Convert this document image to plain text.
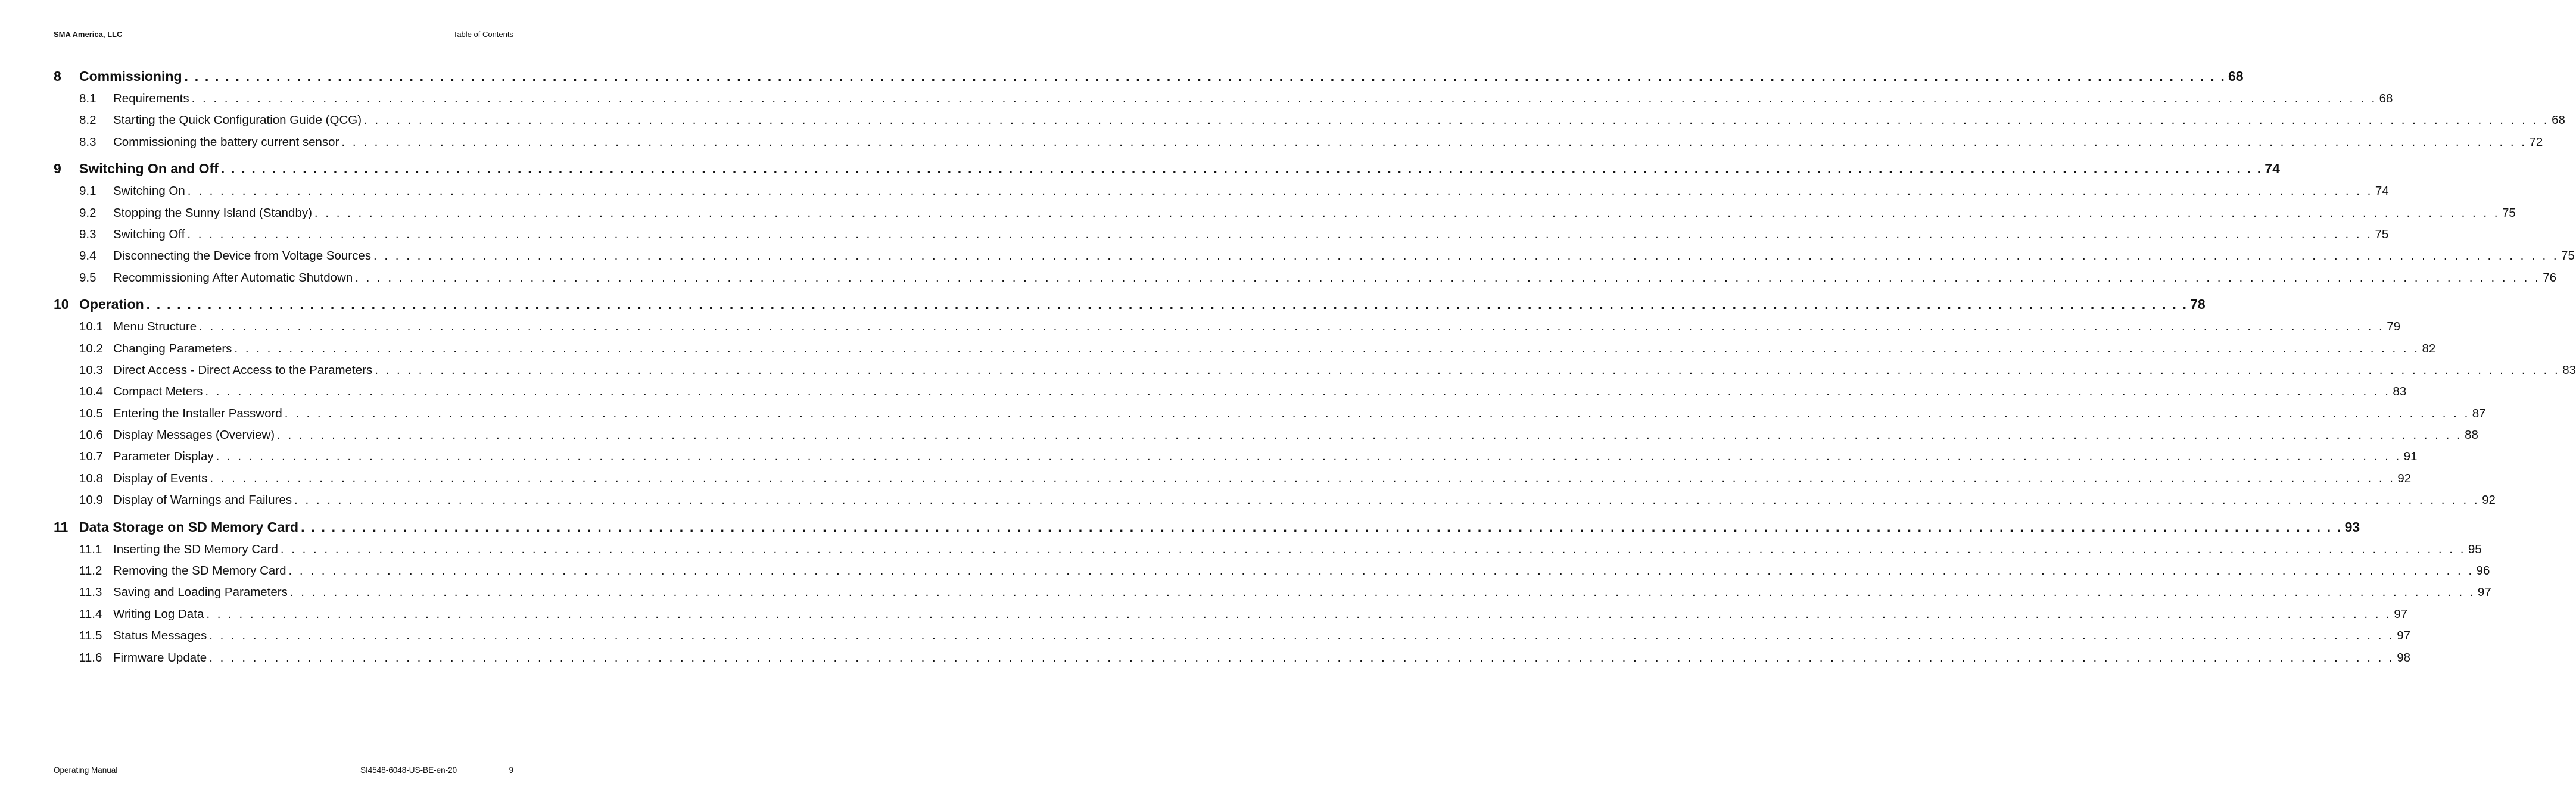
SMA America, LLC	Table of Contents
8	Commissioning . . . . . . . . . . . . . . . . . . . . . . . . . . . . . . . . . . . . . . . . . . . . . . . . . . . . . . . . . . . . . . . . . . . . . . . . . . . . . . . . . . . . . . . . . . . . . . . . . . . . . . . . . . . . . . . . . . . . . . . . . . . . . . . . . . . . . . . . . . . . . . . . . . . . . . . . . . . . . . . . . . . . . . . . . . . . . . . . . . . . . . . . . . . . . . . . . . . . . . . . 68
8.1	Requirements . . . . . . . . . . . . . . . . . . . . . . . . . . . . . . . . . . . . . . . . . . . . . . . . . . . . . . . . . . . . . . . . . . . . . . . . . . . . . . . . . . . . . . . . . . . . . . . . . . . . . . . . . . . . . . . . . . . . . . . . . . . . . . . . . . . . . . . . . . . . . . . . . . . . . . . . . . . . . . . . . . . . . . . . . . . . . . . . . . . . . . . . . . . . . . . . . . . . . . . . 68
8.2	Starting the Quick Configuration Guide (QCG) . . . . . . . . . . . . . . . . . . . . . . . . . . . . . . . . . . . . . . . . . . . . . . . . . . . . . . . . . . . . . . . . . . . . . . . . . . . . . . . . . . . . . . . . . . . . . . . . . . . . . . . . . . . . . . . . . . . . . . . . . . . . . . . . . . . . . . . . . . . . . . . . . . . . . . . . . . . . . . . . . . . . . . . . . . . . . . . . . . . . . . . . . . . . . . . . . . . . . . . . 68
8.3	Commissioning the battery current sensor . . . . . . . . . . . . . . . . . . . . . . . . . . . . . . . . . . . . . . . . . . . . . . . . . . . . . . . . . . . . . . . . . . . . . . . . . . . . . . . . . . . . . . . . . . . . . . . . . . . . . . . . . . . . . . . . . . . . . . . . . . . . . . . . . . . . . . . . . . . . . . . . . . . . . . . . . . . . . . . . . . . . . . . . . . . . . . . . . . . . . . . . . . . . . . . . . . . . . . . . 72
9	Switching On and Off . . . . . . . . . . . . . . . . . . . . . . . . . . . . . . . . . . . . . . . . . . . . . . . . . . . . . . . . . . . . . . . . . . . . . . . . . . . . . . . . . . . . . . . . . . . . . . . . . . . . . . . . . . . . . . . . . . . . . . . . . . . . . . . . . . . . . . . . . . . . . . . . . . . . . . . . . . . . . . . . . . . . . . . . . . . . . . . . . . . . . . . . . . . . . . . . . . . . . . . . 74
9.1	Switching On . . . . . . . . . . . . . . . . . . . . . . . . . . . . . . . . . . . . . . . . . . . . . . . . . . . . . . . . . . . . . . . . . . . . . . . . . . . . . . . . . . . . . . . . . . . . . . . . . . . . . . . . . . . . . . . . . . . . . . . . . . . . . . . . . . . . . . . . . . . . . . . . . . . . . . . . . . . . . . . . . . . . . . . . . . . . . . . . . . . . . . . . . . . . . . . . . . . . . . . . 74
9.2	Stopping the Sunny Island (Standby) . . . . . . . . . . . . . . . . . . . . . . . . . . . . . . . . . . . . . . . . . . . . . . . . . . . . . . . . . . . . . . . . . . . . . . . . . . . . . . . . . . . . . . . . . . . . . . . . . . . . . . . . . . . . . . . . . . . . . . . . . . . . . . . . . . . . . . . . . . . . . . . . . . . . . . . . . . . . . . . . . . . . . . . . . . . . . . . . . . . . . . . . . . . . . . . . . . . . . . . . 75
9.3	Switching Off . . . . . . . . . . . . . . . . . . . . . . . . . . . . . . . . . . . . . . . . . . . . . . . . . . . . . . . . . . . . . . . . . . . . . . . . . . . . . . . . . . . . . . . . . . . . . . . . . . . . . . . . . . . . . . . . . . . . . . . . . . . . . . . . . . . . . . . . . . . . . . . . . . . . . . . . . . . . . . . . . . . . . . . . . . . . . . . . . . . . . . . . . . . . . . . . . . . . . . . . 75
9.4	Disconnecting the Device from Voltage Sources . . . . . . . . . . . . . . . . . . . . . . . . . . . . . . . . . . . . . . . . . . . . . . . . . . . . . . . . . . . . . . . . . . . . . . . . . . . . . . . . . . . . . . . . . . . . . . . . . . . . . . . . . . . . . . . . . . . . . . . . . . . . . . . . . . . . . . . . . . . . . . . . . . . . . . . . . . . . . . . . . . . . . . . . . . . . . . . . . . . . . . . . . . . . . . . . . . . . . . . . 75
9.5	Recommissioning After Automatic Shutdown . . . . . . . . . . . . . . . . . . . . . . . . . . . . . . . . . . . . . . . . . . . . . . . . . . . . . . . . . . . . . . . . . . . . . . . . . . . . . . . . . . . . . . . . . . . . . . . . . . . . . . . . . . . . . . . . . . . . . . . . . . . . . . . . . . . . . . . . . . . . . . . . . . . . . . . . . . . . . . . . . . . . . . . . . . . . . . . . . . . . . . . . . . . . . . . . . . . . . . . . 76
10 Operation . . . . . . . . . . . . . . . . . . . . . . . . . . . . . . . . . . . . . . . . . . . . . . . . . . . . . . . . . . . . . . . . . . . . . . . . . . . . . . . . . . . . . . . . . . . . . . . . . . . . . . . . . . . . . . . . . . . . . . . . . . . . . . . . . . . . . . . . . . . . . . . . . . . . . . . . . . . . . . . . . . . . . . . . . . . . . . . . . . . . . . . . . . . . . . . . . . . . . . . . 78
10.1 Menu Structure . . . . . . . . . . . . . . . . . . . . . . . . . . . . . . . . . . . . . . . . . . . . . . . . . . . . . . . . . . . . . . . . . . . . . . . . . . . . . . . . . . . . . . . . . . . . . . . . . . . . . . . . . . . . . . . . . . . . . . . . . . . . . . . . . . . . . . . . . . . . . . . . . . . . . . . . . . . . . . . . . . . . . . . . . . . . . . . . . . . . . . . . . . . . . . . . . . . . . . . . 79
10.2 Changing Parameters . . . . . . . . . . . . . . . . . . . . . . . . . . . . . . . . . . . . . . . . . . . . . . . . . . . . . . . . . . . . . . . . . . . . . . . . . . . . . . . . . . . . . . . . . . . . . . . . . . . . . . . . . . . . . . . . . . . . . . . . . . . . . . . . . . . . . . . . . . . . . . . . . . . . . . . . . . . . . . . . . . . . . . . . . . . . . . . . . . . . . . . . . . . . . . . . . . . . . . . . 82
10.3 Direct Access - Direct Access to the Parameters . . . . . . . . . . . . . . . . . . . . . . . . . . . . . . . . . . . . . . . . . . . . . . . . . . . . . . . . . . . . . . . . . . . . . . . . . . . . . . . . . . . . . . . . . . . . . . . . . . . . . . . . . . . . . . . . . . . . . . . . . . . . . . . . . . . . . . . . . . . . . . . . . . . . . . . . . . . . . . . . . . . . . . . . . . . . . . . . . . . . . . . . . . . . . . . . . . . . . . . . 83
10.4 Compact Meters . . . . . . . . . . . . . . . . . . . . . . . . . . . . . . . . . . . . . . . . . . . . . . . . . . . . . . . . . . . . . . . . . . . . . . . . . . . . . . . . . . . . . . . . . . . . . . . . . . . . . . . . . . . . . . . . . . . . . . . . . . . . . . . . . . . . . . . . . . . . . . . . . . . . . . . . . . . . . . . . . . . . . . . . . . . . . . . . . . . . . . . . . . . . . . . . . . . . . . . . 83
10.5 Entering the Installer Password . . . . . . . . . . . . . . . . . . . . . . . . . . . . . . . . . . . . . . . . . . . . . . . . . . . . . . . . . . . . . . . . . . . . . . . . . . . . . . . . . . . . . . . . . . . . . . . . . . . . . . . . . . . . . . . . . . . . . . . . . . . . . . . . . . . . . . . . . . . . . . . . . . . . . . . . . . . . . . . . . . . . . . . . . . . . . . . . . . . . . . . . . . . . . . . . . . . . . . . . 87
10.6 Display Messages (Overview) . . . . . . . . . . . . . . . . . . . . . . . . . . . . . . . . . . . . . . . . . . . . . . . . . . . . . . . . . . . . . . . . . . . . . . . . . . . . . . . . . . . . . . . . . . . . . . . . . . . . . . . . . . . . . . . . . . . . . . . . . . . . . . . . . . . . . . . . . . . . . . . . . . . . . . . . . . . . . . . . . . . . . . . . . . . . . . . . . . . . . . . . . . . . . . . . . . . . . . . . 88
10.7 Parameter Display . . . . . . . . . . . . . . . . . . . . . . . . . . . . . . . . . . . . . . . . . . . . . . . . . . . . . . . . . . . . . . . . . . . . . . . . . . . . . . . . . . . . . . . . . . . . . . . . . . . . . . . . . . . . . . . . . . . . . . . . . . . . . . . . . . . . . . . . . . . . . . . . . . . . . . . . . . . . . . . . . . . . . . . . . . . . . . . . . . . . . . . . . . . . . . . . . . . . . . . . 91
10.8 Display of Events . . . . . . . . . . . . . . . . . . . . . . . . . . . . . . . . . . . . . . . . . . . . . . . . . . . . . . . . . . . . . . . . . . . . . . . . . . . . . . . . . . . . . . . . . . . . . . . . . . . . . . . . . . . . . . . . . . . . . . . . . . . . . . . . . . . . . . . . . . . . . . . . . . . . . . . . . . . . . . . . . . . . . . . . . . . . . . . . . . . . . . . . . . . . . . . . . . . . . . . . 92
10.9 Display of Warnings and Failures . . . . . . . . . . . . . . . . . . . . . . . . . . . . . . . . . . . . . . . . . . . . . . . . . . . . . . . . . . . . . . . . . . . . . . . . . . . . . . . . . . . . . . . . . . . . . . . . . . . . . . . . . . . . . . . . . . . . . . . . . . . . . . . . . . . . . . . . . . . . . . . . . . . . . . . . . . . . . . . . . . . . . . . . . . . . . . . . . . . . . . . . . . . . . . . . . . . . . . . . 92
11 Data Storage on SD Memory Card . . . . . . . . . . . . . . . . . . . . . . . . . . . . . . . . . . . . . . . . . . . . . . . . . . . . . . . . . . . . . . . . . . . . . . . . . . . . . . . . . . . . . . . . . . . . . . . . . . . . . . . . . . . . . . . . . . . . . . . . . . . . . . . . . . . . . . . . . . . . . . . . . . . . . . . . . . . . . . . . . . . . . . . . . . . . . . . . . . . . . . . . . . . . . . . . . . . . . . . . 93
11.1 Inserting the SD Memory Card . . . . . . . . . . . . . . . . . . . . . . . . . . . . . . . . . . . . . . . . . . . . . . . . . . . . . . . . . . . . . . . . . . . . . . . . . . . . . . . . . . . . . . . . . . . . . . . . . . . . . . . . . . . . . . . . . . . . . . . . . . . . . . . . . . . . . . . . . . . . . . . . . . . . . . . . . . . . . . . . . . . . . . . . . . . . . . . . . . . . . . . . . . . . . . . . . . . . . . . . 95
11.2 Removing the SD Memory Card . . . . . . . . . . . . . . . . . . . . . . . . . . . . . . . . . . . . . . . . . . . . . . . . . . . . . . . . . . . . . . . . . . . . . . . . . . . . . . . . . . . . . . . . . . . . . . . . . . . . . . . . . . . . . . . . . . . . . . . . . . . . . . . . . . . . . . . . . . . . . . . . . . . . . . . . . . . . . . . . . . . . . . . . . . . . . . . . . . . . . . . . . . . . . . . . . . . . . . . . 96
11.3 Saving and Loading Parameters . . . . . . . . . . . . . . . . . . . . . . . . . . . . . . . . . . . . . . . . . . . . . . . . . . . . . . . . . . . . . . . . . . . . . . . . . . . . . . . . . . . . . . . . . . . . . . . . . . . . . . . . . . . . . . . . . . . . . . . . . . . . . . . . . . . . . . . . . . . . . . . . . . . . . . . . . . . . . . . . . . . . . . . . . . . . . . . . . . . . . . . . . . . . . . . . . . . . . . . . 97
11.4 Writing Log Data . . . . . . . . . . . . . . . . . . . . . . . . . . . . . . . . . . . . . . . . . . . . . . . . . . . . . . . . . . . . . . . . . . . . . . . . . . . . . . . . . . . . . . . . . . . . . . . . . . . . . . . . . . . . . . . . . . . . . . . . . . . . . . . . . . . . . . . . . . . . . . . . . . . . . . . . . . . . . . . . . . . . . . . . . . . . . . . . . . . . . . . . . . . . . . . . . . . . . . . . 97
11.5 Status Messages . . . . . . . . . . . . . . . . . . . . . . . . . . . . . . . . . . . . . . . . . . . . . . . . . . . . . . . . . . . . . . . . . . . . . . . . . . . . . . . . . . . . . . . . . . . . . . . . . . . . . . . . . . . . . . . . . . . . . . . . . . . . . . . . . . . . . . . . . . . . . . . . . . . . . . . . . . . . . . . . . . . . . . . . . . . . . . . . . . . . . . . . . . . . . . . . . . . . . . . . 97
11.6 Firmware Update . . . . . . . . . . . . . . . . . . . . . . . . . . . . . . . . . . . . . . . . . . . . . . . . . . . . . . . . . . . . . . . . . . . . . . . . . . . . . . . . . . . . . . . . . . . . . . . . . . . . . . . . . . . . . . . . . . . . . . . . . . . . . . . . . . . . . . . . . . . . . . . . . . . . . . . . . . . . . . . . . . . . . . . . . . . . . . . . . . . . . . . . . . . . . . . . . . . . . . . . 98
Operating Manual	SI4548-6048-US-BE-en-20	9
